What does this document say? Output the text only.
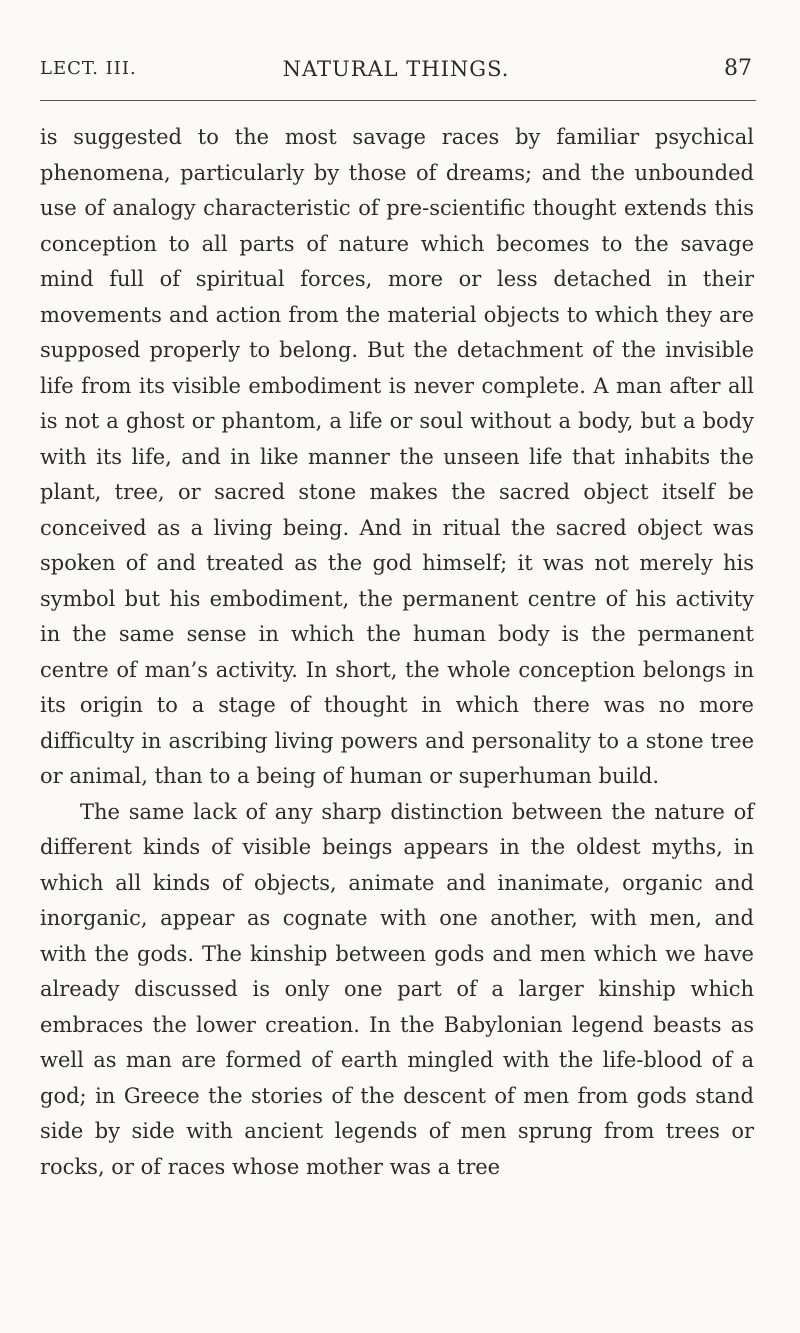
LECT. III.	NATURAL THINGS.	87

is suggested to the most savage races by familiar psychical phenomena, particularly by those of dreams; and the unbounded use of analogy characteristic of pre-scientific thought extends this conception to all parts of nature which becomes to the savage mind full of spiritual forces, more or less detached in their movements and action from the material objects to which they are supposed properly to belong. But the detachment of the invisible life from its visible embodiment is never complete. A man after all is not a ghost or phantom, a life or soul without a body, but a body with its life, and in like manner the unseen life that inhabits the plant, tree, or sacred stone makes the sacred object itself be conceived as a living being. And in ritual the sacred object was spoken of and treated as the god himself; it was not merely his symbol but his embodiment, the permanent centre of his activity in the same sense in which the human body is the permanent centre of man’s activity. In short, the whole conception belongs in its origin to a stage of thought in which there was no more difficulty in ascribing living powers and personality to a stone tree or animal, than to a being of human or superhuman build.

The same lack of any sharp distinction between the nature of different kinds of visible beings appears in the oldest myths, in which all kinds of objects, animate and inanimate, organic and inorganic, appear as cognate with one another, with men, and with the gods. The kinship between gods and men which we have already discussed is only one part of a larger kinship which embraces the lower creation. In the Babylonian legend beasts as well as man are formed of earth mingled with the life-blood of a god; in Greece the stories of the descent of men from gods stand side by side with ancient legends of men sprung from trees or rocks, or of races whose mother was a tree
